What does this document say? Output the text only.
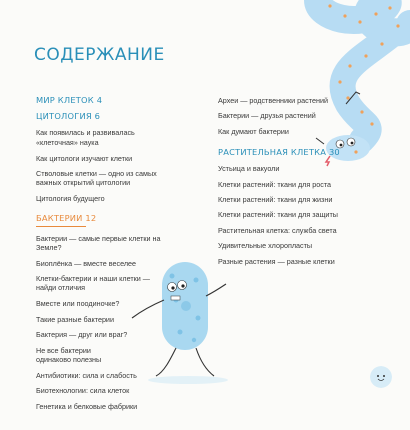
СОДЕРЖАНИЕ
МИР КЛЕТОК 4
ЦИТОЛОГИЯ 6
Как появилась и развивалась «клеточная» наука
Как цитологи изучают клетки
Стволовые клетки — одно из самых важных открытий цитологии
Цитология будущего
БАКТЕРИИ 12
Бактерии — самые первые клетки на Земле?
Биоплёнка — вместе веселее
Клетки-бактерии и наши клетки — найди отличия
Вместе или поодиночке?
Такие разные бактерии
Бактерия — друг или враг?
Не все бактерии одинаково полезны
Антибиотики: сила и слабость
Биотехнологии: сила клеток
Генетика и белковые фабрики
Археи — родственники растений
Бактерии — друзья растений
Как думают бактерии
РАСТИТЕЛЬНАЯ КЛЕТКА 30
Устьица и вакуоли
Клетки растений: ткани для роста
Клетки растений: ткани для жизни
Клетки растений: ткани для защиты
Растительная клетка: служба света
Удивительные хлоропласты
Разные растения — разные клетки
